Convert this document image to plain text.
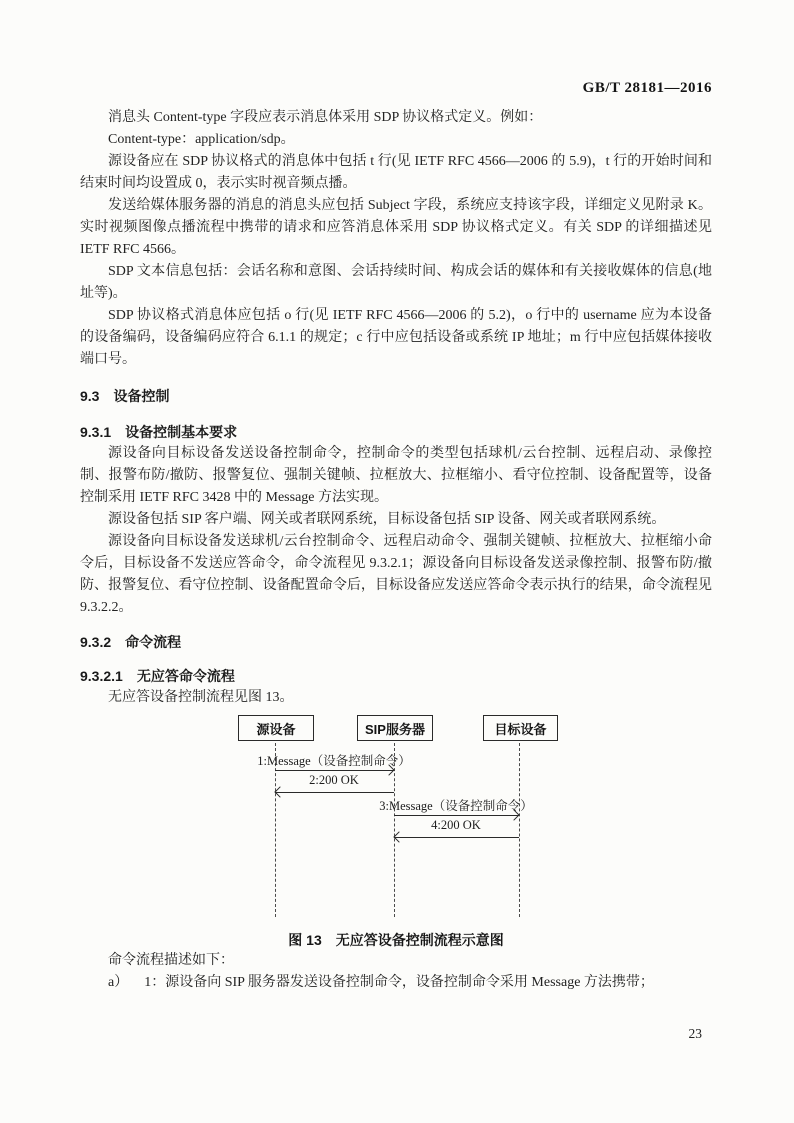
GB/T 28181—2016

消息头 Content-type 字段应表示消息体采用 SDP 协议格式定义。例如：

Content-type：application/sdp。

源设备应在 SDP 协议格式的消息体中包括 t 行(见 IETF RFC 4566—2006 的 5.9)，t 行的开始时间和结束时间均设置成 0，表示实时视音频点播。

发送给媒体服务器的消息的消息头应包括 Subject 字段，系统应支持该字段，详细定义见附录 K。实时视频图像点播流程中携带的请求和应答消息体采用 SDP 协议格式定义。有关 SDP 的详细描述见 IETF RFC 4566。

SDP 文本信息包括：会话名称和意图、会话持续时间、构成会话的媒体和有关接收媒体的信息(地址等)。

SDP 协议格式消息体应包括 o 行(见 IETF RFC 4566—2006 的 5.2)，o 行中的 username 应为本设备的设备编码，设备编码应符合 6.1.1 的规定；c 行中应包括设备或系统 IP 地址；m 行中应包括媒体接收端口号。

9.3 设备控制
9.3.1 设备控制基本要求

源设备向目标设备发送设备控制命令，控制命令的类型包括球机/云台控制、远程启动、录像控制、报警布防/撤防、报警复位、强制关键帧、拉框放大、拉框缩小、看守位控制、设备配置等，设备控制采用 IETF RFC 3428 中的 Message 方法实现。

源设备包括 SIP 客户端、网关或者联网系统，目标设备包括 SIP 设备、网关或者联网系统。

源设备向目标设备发送球机/云台控制命令、远程启动命令、强制关键帧、拉框放大、拉框缩小命令后，目标设备不发送应答命令，命令流程见 9.3.2.1；源设备向目标设备发送录像控制、报警布防/撤防、报警复位、看守位控制、设备配置命令后，目标设备应发送应答命令表示执行的结果，命令流程见 9.3.2.2。

9.3.2 命令流程
9.3.2.1 无应答命令流程

无应答设备控制流程见图 13。

源设备	SIP服务器	目标设备
1:Message（设备控制命令）
2:200 OK
3:Message（设备控制命令）
4:200 OK
图 13　无应答设备控制流程示意图

命令流程描述如下：

a） 1：源设备向 SIP 服务器发送设备控制命令，设备控制命令采用 Message 方法携带；

23
